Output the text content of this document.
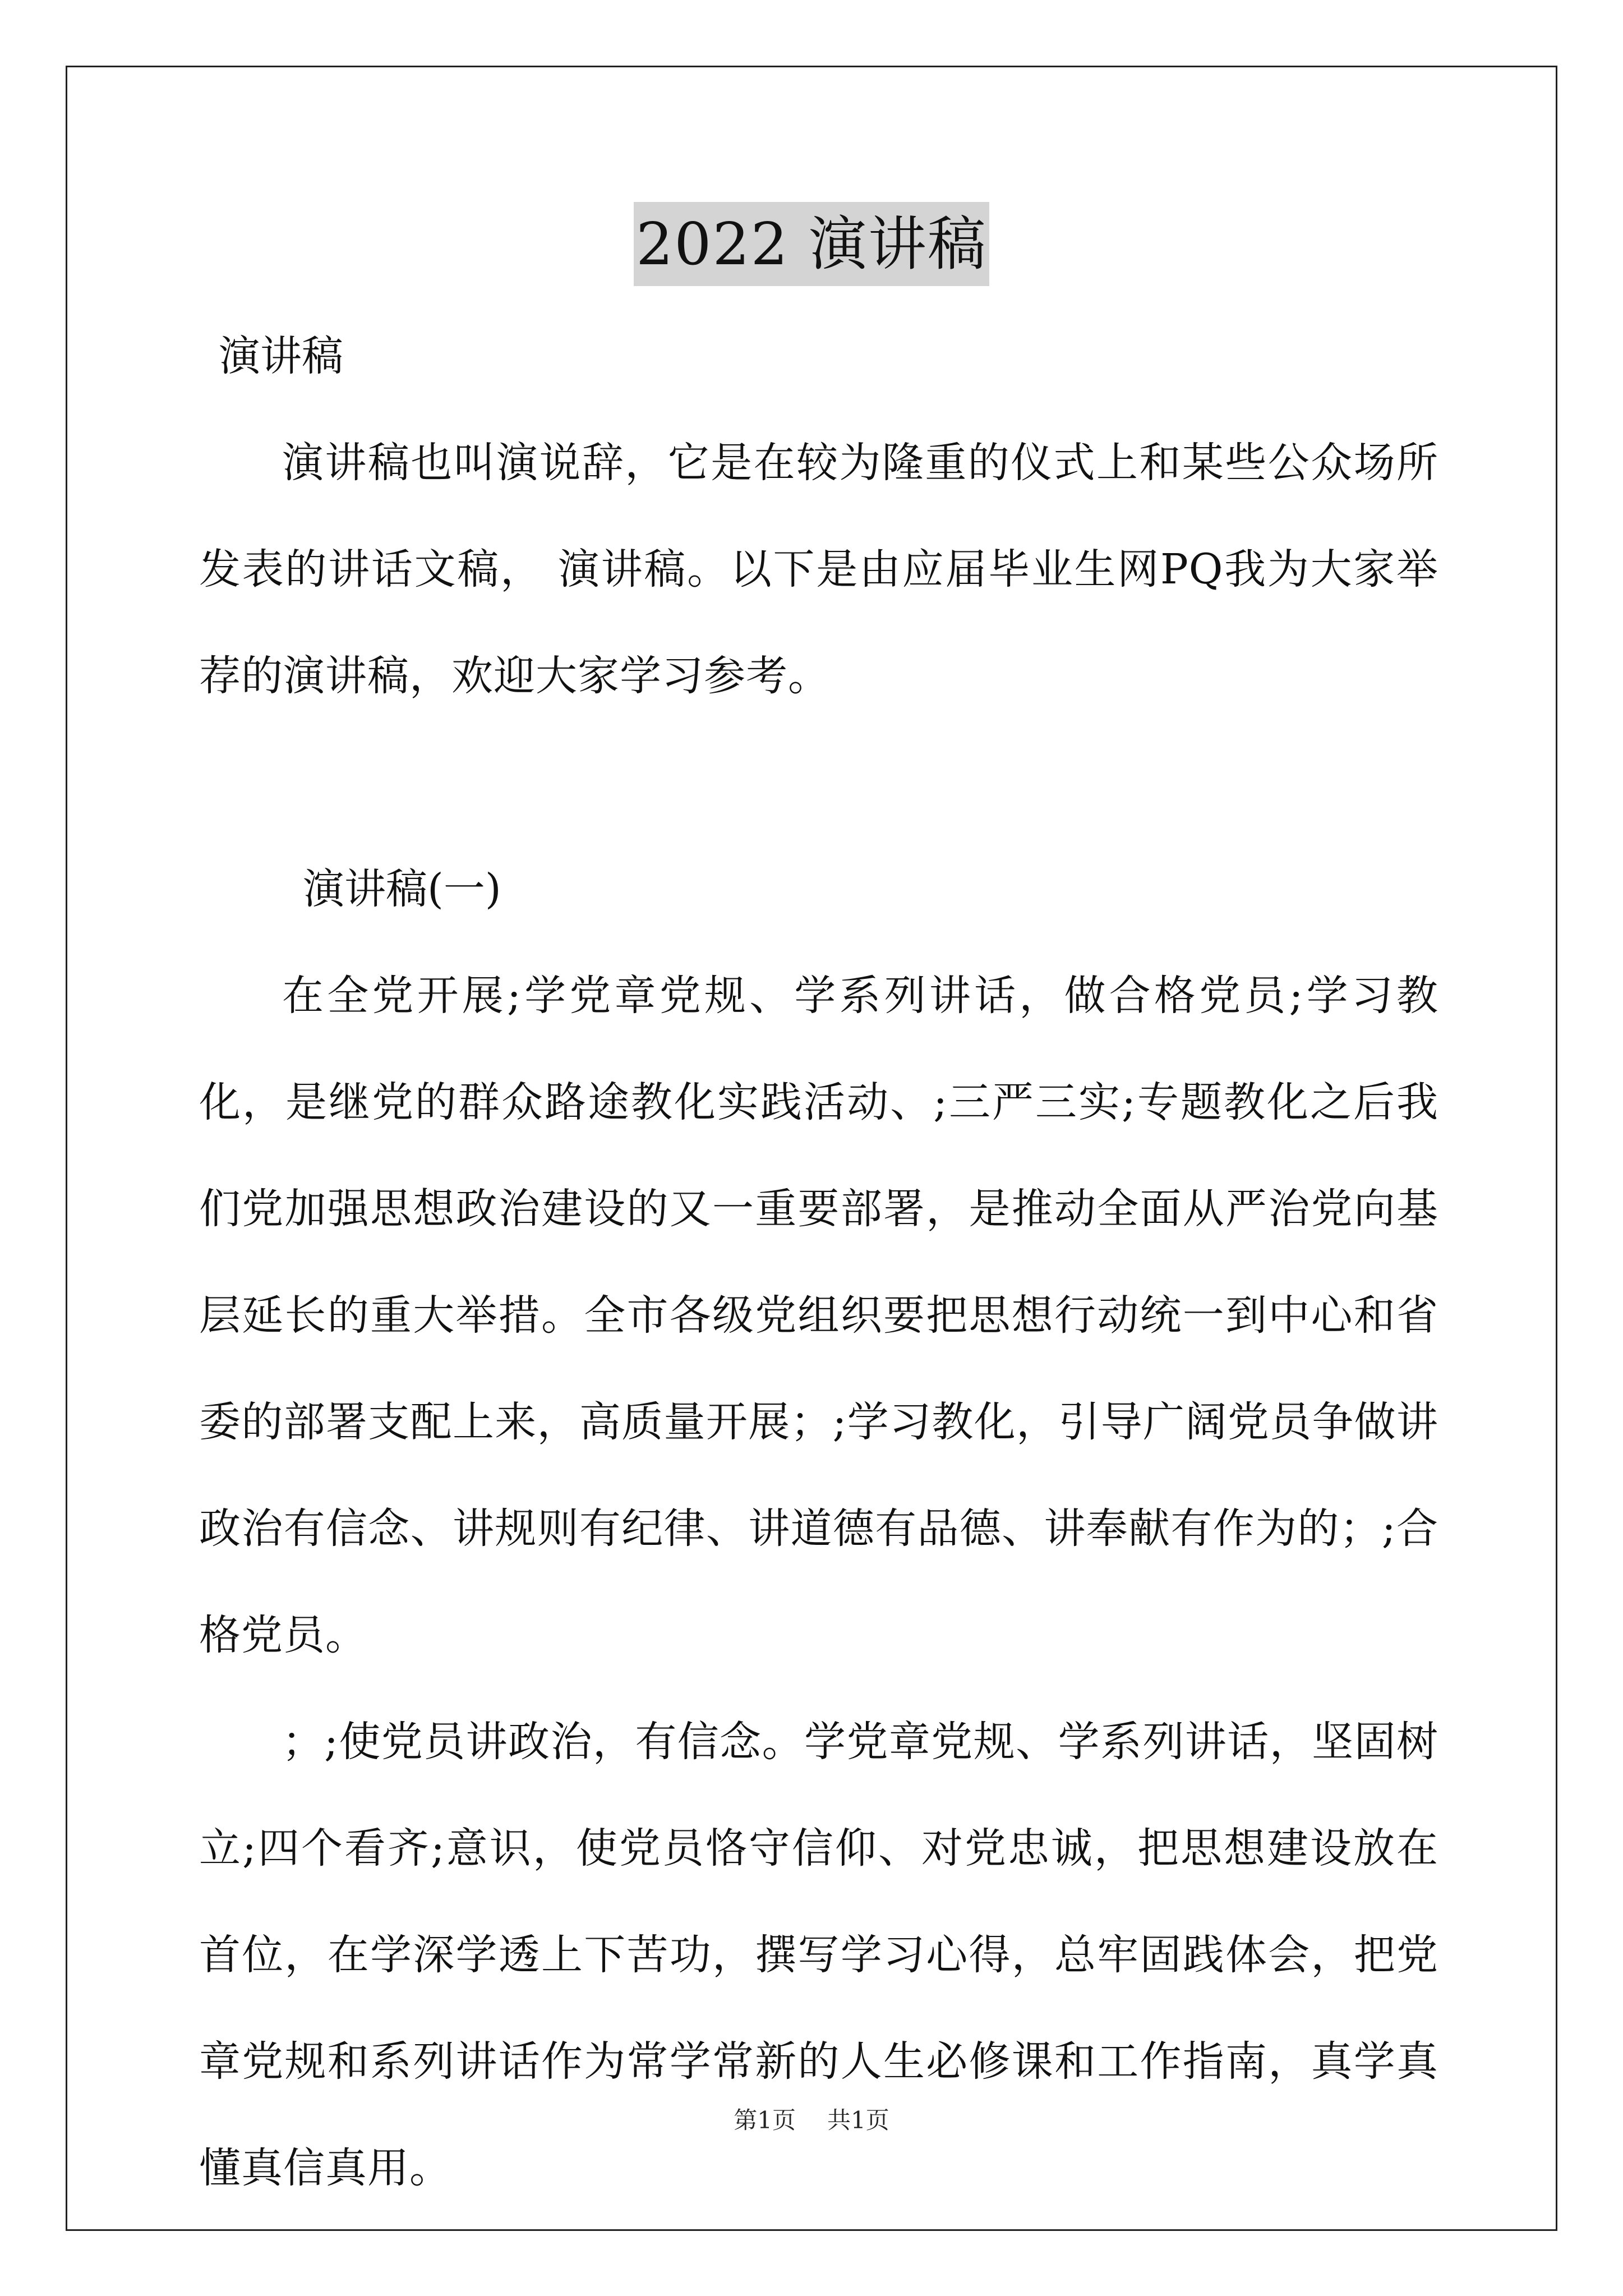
2022 演讲稿

演讲稿

演讲稿也叫演说辞，它是在较为隆重的仪式上和某些公众场所发表的讲话文稿， 演讲稿。以下是由应届毕业生网PQ我为大家举荐的演讲稿，欢迎大家学习参考。

演讲稿(一)

在全党开展;学党章党规、学系列讲话，做合格党员;学习教化，是继党的群众路途教化实践活动、;三严三实;专题教化之后我们党加强思想政治建设的又一重要部署，是推动全面从严治党向基层延长的重大举措。全市各级党组织要把思想行动统一到中心和省委的部署支配上来，高质量开展；;学习教化，引导广阔党员争做讲政治有信念、讲规则有纪律、讲道德有品德、讲奉献有作为的；;合格党员。

；;使党员讲政治，有信念。学党章党规、学系列讲话，坚固树立;四个看齐;意识，使党员恪守信仰、对党忠诚，把思想建设放在首位，在学深学透上下苦功，撰写学习心得，总牢固践体会，把党章党规和系列讲话作为常学常新的人生必修课和工作指南，真学真懂真信真用。

第1页 共1页
